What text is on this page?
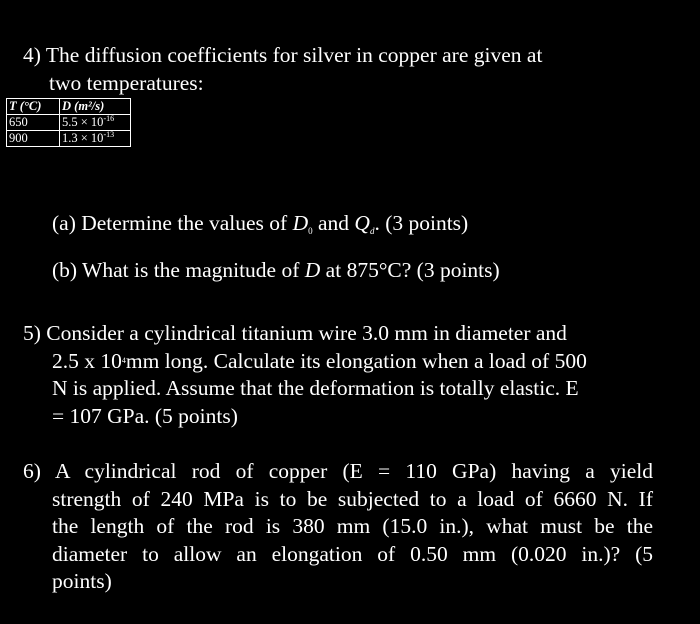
4) The diffusion coefficients for silver in copper are given at
two temperatures:
T (°C)	D (m²/s)
650	$5.5 \times 10^{-16}$
900	$1.3 \times 10^{-13}$
(a) Determine the values of $D_0$ and $Q_d$. (3 points)
(b) What is the magnitude of D at 875°C? (3 points)
5) Consider a cylindrical titanium wire 3.0 mm in diameter and
2.5 x $10^4mm$ long. Calculate its elongation when a load of 500
N is applied. Assume that the deformation is totally elastic. E
= 107 GPa. (5 points)
6) A cylindrical rod of copper (E = 110 GPa) having a yield
strength of 240 MPa is to be subjected to a load of 6660 N. If
the length of the rod is 380 mm (15.0 in.), what must be the
diameter to allow an elongation of 0.50 mm (0.020 in.)? (5
points)
